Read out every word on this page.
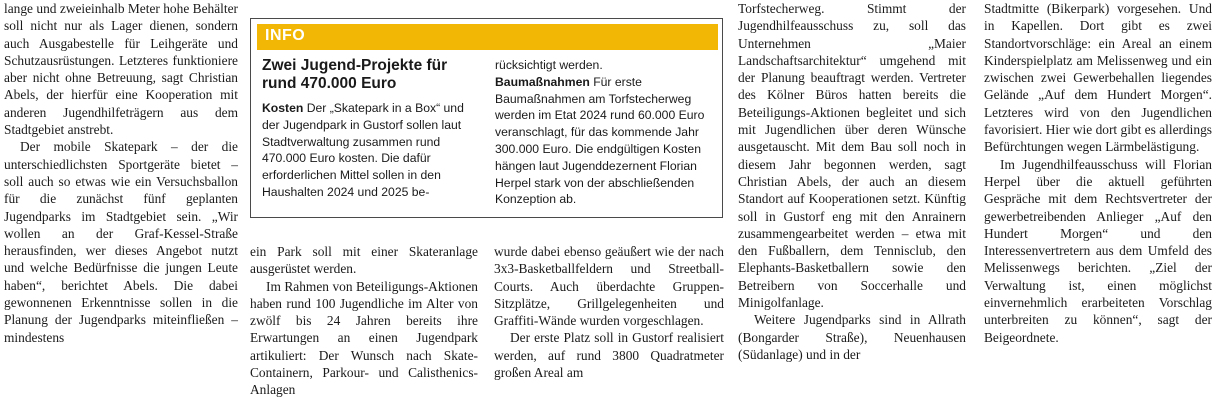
lange und zweieinhalb Meter hohe Behälter soll nicht nur als Lager dienen, sondern auch Ausgabestelle für Leihgeräte und Schutzausrüstungen. Letzteres funktioniere aber nicht ohne Betreuung, sagt Christian Abels, der hierfür eine Kooperation mit anderen Jugendhilfeträgern aus dem Stadtgebiet anstrebt.

Der mobile Skatepark – der die unterschiedlichsten Sportgeräte bietet – soll auch so etwas wie ein Versuchsballon für die zunächst fünf geplanten Jugendparks im Stadtgebiet sein. „Wir wollen an der Graf-Kessel-Straße herausfinden, wer dieses Angebot nutzt und welche Bedürfnisse die jungen Leute haben“, berichtet Abels. Die dabei gewonnenen Erkenntnisse sollen in die Planung der Jugendparks miteinfließen – mindestens

INFO
Zwei Jugend-Projekte für rund 470.000 Euro

Kosten Der „Skatepark in a Box“ und der Jugendpark in Gustorf sollen laut Stadtverwaltung zusammen rund 470.000 Euro kosten. Die dafür erforderlichen Mittel sollen in den Haushalten 2024 und 2025 be-

rücksichtigt werden.

Baumaßnahmen Für erste Baumaßnahmen am Torfstecherweg werden im Etat 2024 rund 60.000 Euro veranschlagt, für das kommende Jahr 300.000 Euro. Die endgültigen Kosten hängen laut Jugenddezernent Florian Herpel stark von der abschließenden Konzeption ab.

ein Park soll mit einer Skateranlage ausgerüstet werden.

Im Rahmen von Beteiligungs-Aktionen haben rund 100 Jugendliche im Alter von zwölf bis 24 Jahren bereits ihre Erwartungen an einen Jugendpark artikuliert: Der Wunsch nach Skate-Containern, Parkour- und Calisthenics-Anlagen

wurde dabei ebenso geäußert wie der nach 3x3-Basketballfeldern und Streetball-Courts. Auch überdachte Gruppen-Sitzplätze, Grillgelegenheiten und Graffiti-Wände wurden vorgeschlagen.

Der erste Platz soll in Gustorf realisiert werden, auf rund 3800 Quadratmeter großen Areal am

Torfstecherweg. Stimmt der Jugendhilfeausschuss zu, soll das Unternehmen „Maier Landschaftsarchitektur“ umgehend mit der Planung beauftragt werden. Vertreter des Kölner Büros hatten bereits die Beteiligungs-Aktionen begleitet und sich mit Jugendlichen über deren Wünsche ausgetauscht. Mit dem Bau soll noch in diesem Jahr begonnen werden, sagt Christian Abels, der auch an diesem Standort auf Kooperationen setzt. Künftig soll in Gustorf eng mit den Anrainern zusammengearbeitet werden – etwa mit den Fußballern, dem Tennisclub, den Elephants-Basketballern sowie den Betreibern von Soccerhalle und Minigolfanlage.

Weitere Jugendparks sind in Allrath (Bongarder Straße), Neuenhausen (Südanlage) und in der

Stadtmitte (Bikerpark) vorgesehen. Und in Kapellen. Dort gibt es zwei Standortvorschläge: ein Areal an einem Kinderspielplatz am Melissenweg und ein zwischen zwei Gewerbehallen liegendes Gelände „Auf dem Hundert Morgen“. Letzteres wird von den Jugendlichen favorisiert. Hier wie dort gibt es allerdings Befürchtungen wegen Lärmbelästigung.

Im Jugendhilfeausschuss will Florian Herpel über die aktuell geführten Gespräche mit dem Rechtsvertreter der gewerbetreibenden Anlieger „Auf den Hundert Morgen“ und den Interessenvertretern aus dem Umfeld des Melissenwegs berichten. „Ziel der Verwaltung ist, einen möglichst einvernehmlich erarbeiteten Vorschlag unterbreiten zu können“, sagt der Beigeordnete.
